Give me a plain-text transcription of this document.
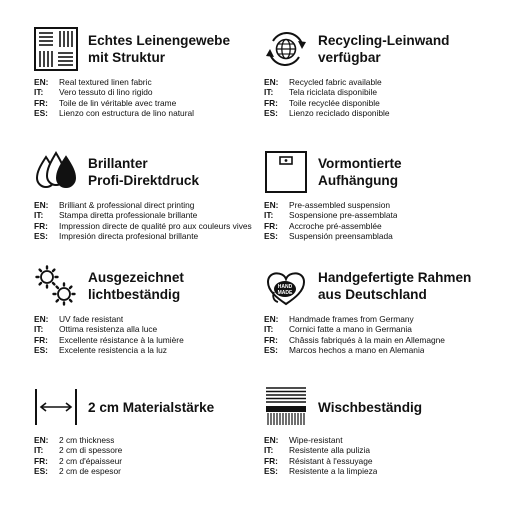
Echtes Leinengewebe
mit Struktur
EN:	Real textured linen fabric
IT:	Vero tessuto di lino rigido
FR:	Toile de lin véritable avec trame
ES:	Lienzo con estructura de lino natural
Recycling-Leinwand
verfügbar
EN:	Recycled fabric available
IT:	Tela riciclata disponibile
FR:	Toile recyclée disponible
ES:	Lienzo reciclado disponible
Brillanter
Profi-Direktdruck
EN:	Brilliant & professional direct printing
IT:	Stampa diretta professionale brillante
FR:	Impression directe de qualité pro aux couleurs vives
ES:	Impresión directa profesional brillante
Vormontierte
Aufhängung
EN:	Pre-assembled suspension
IT:	Sospensione pre-assemblata
FR:	Accroche pré-assemblée
ES:	Suspensión preensamblada
Ausgezeichnet
lichtbeständig
EN:	UV fade resistant
IT:	Ottima resistenza alla luce
FR:	Excellente résistance à la lumière
ES:	Excelente resistencia a la luz
HAND
MADE
Handgefertigte Rahmen
aus Deutschland
EN:	Handmade frames from Germany
IT:	Cornici fatte a mano in Germania
FR:	Châssis fabriqués à la main en Allemagne
ES:	Marcos hechos a mano en Alemania
2 cm Materialstärke
EN:	2 cm thickness
IT:	2 cm di spessore
FR:	2 cm d'épaisseur
ES:	2 cm de espesor
Wischbeständig
EN:	Wipe-resistant
IT:	Resistente alla pulizia
FR:	Résistant à l'essuyage
ES:	Resistente a la limpieza
